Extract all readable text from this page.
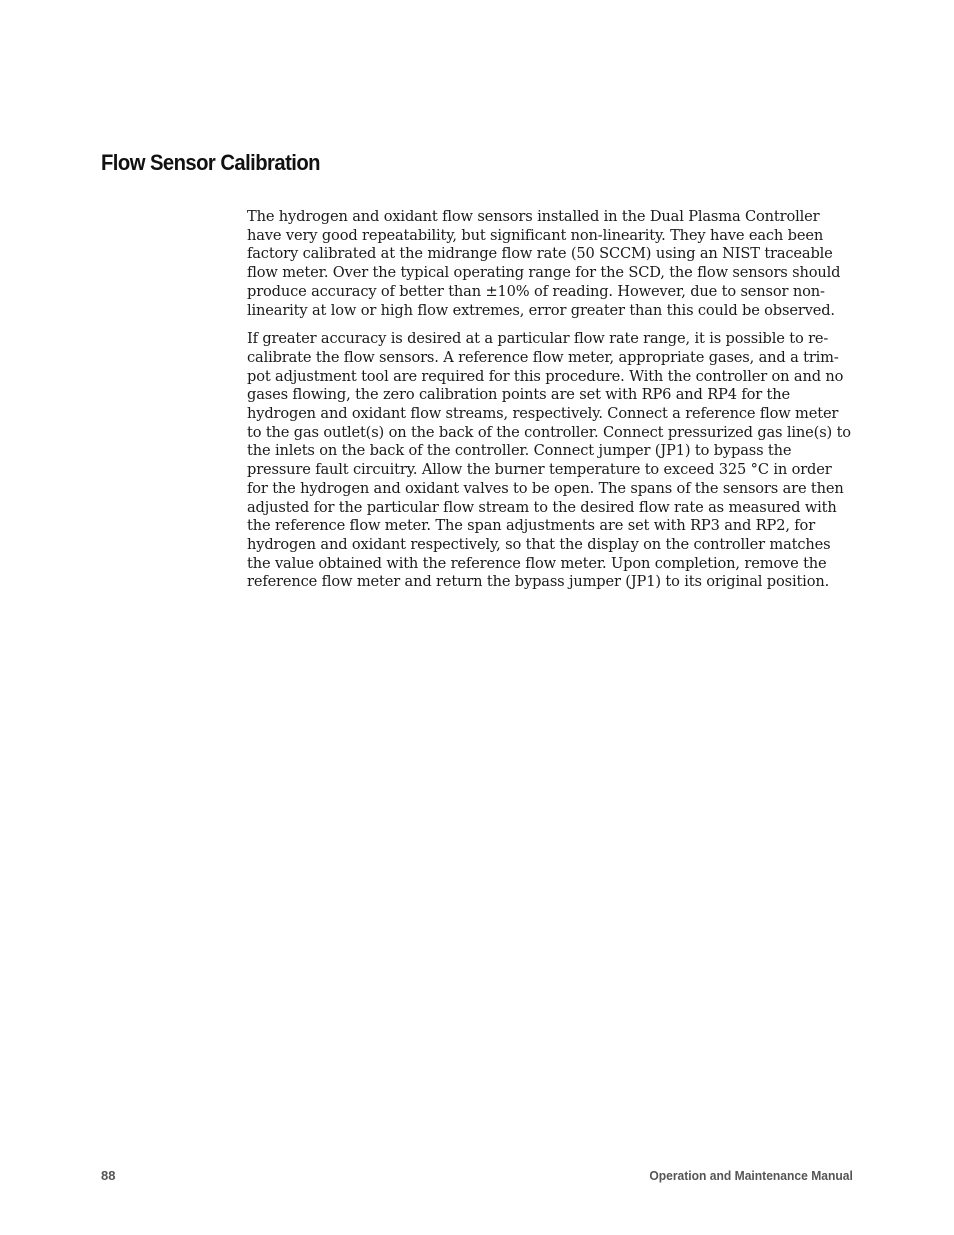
Flow Sensor Calibration

The hydrogen and oxidant flow sensors installed in the Dual Plasma Controller have very good repeatability, but significant non-linearity. They have each been factory calibrated at the midrange flow rate (50 SCCM) using an NIST traceable flow meter. Over the typical operating range for the SCD, the flow sensors should produce accuracy of better than ±10% of reading. However, due to sensor non-linearity at low or high flow extremes, error greater than this could be observed.

If greater accuracy is desired at a particular flow rate range, it is possible to re-calibrate the flow sensors. A reference flow meter, appropriate gases, and a trim-pot adjustment tool are required for this procedure. With the controller on and no gases flowing, the zero calibration points are set with RP6 and RP4 for the hydrogen and oxidant flow streams, respectively. Connect a reference flow meter to the gas outlet(s) on the back of the controller. Connect pressurized gas line(s) to the inlets on the back of the controller. Connect jumper (JP1) to bypass the pressure fault circuitry. Allow the burner temperature to exceed 325 °C in order for the hydrogen and oxidant valves to be open. The spans of the sensors are then adjusted for the particular flow stream to the desired flow rate as measured with the reference flow meter. The span adjustments are set with RP3 and RP2, for hydrogen and oxidant respectively, so that the display on the controller matches the value obtained with the reference flow meter. Upon completion, remove the reference flow meter and return the bypass jumper (JP1) to its original position.

88	Operation and Maintenance Manual
